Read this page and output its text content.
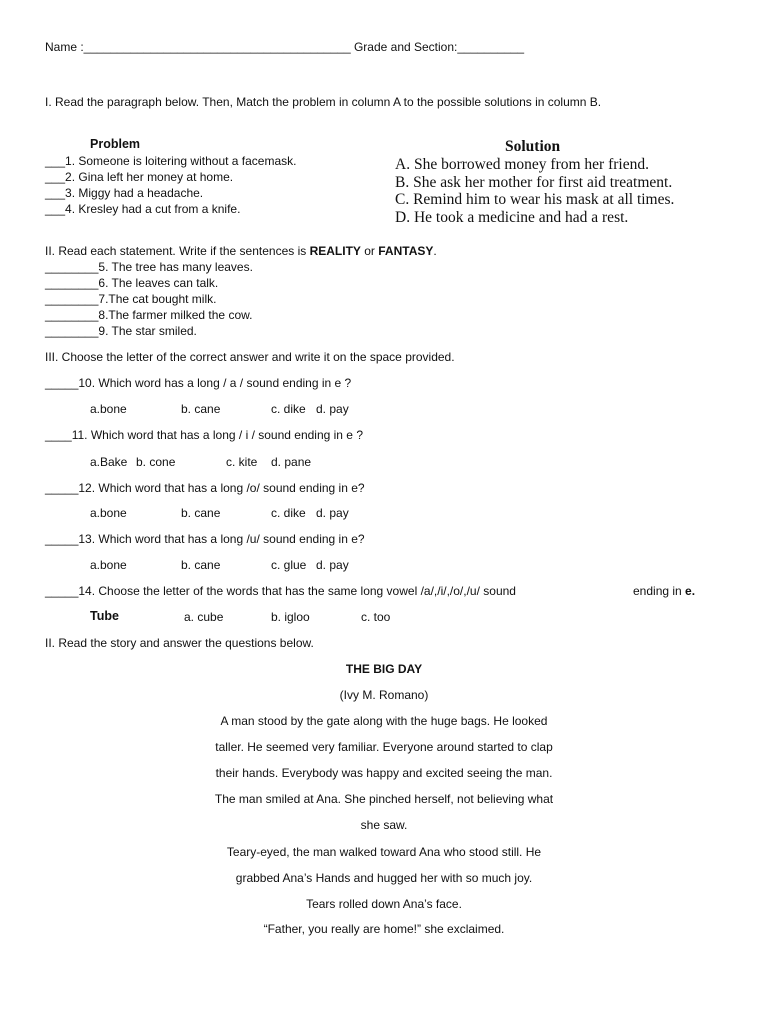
Name :________________________________________ Grade and Section:__________
I. Read the paragraph below. Then, Match the problem in column A to the possible solutions in column B.
Problem
___1. Someone is loitering without a facemask.
___2. Gina left her money at home.
___3. Miggy had a headache.
___4. Kresley had a cut from a knife.
Solution
A. She borrowed money from her friend.
B. She ask her mother for first aid treatment.
C. Remind him to wear his mask at all times.
D. He took a medicine and had a rest.
II. Read each statement. Write if the sentences is REALITY or FANTASY.
________5. The tree has many leaves.
________6. The leaves can talk.
________7.The cat bought milk.
________8.The farmer milked the cow.
________9. The star smiled.
III. Choose the letter of the correct answer and write it on the space provided.
_____10. Which word has a long / a / sound ending in e ?
a.bone	b. cane	c. dike d. pay
____11. Which word that has a long / i / sound ending in e ?
a.Bake b. cone	c. kite d. pane
_____12. Which word that has a long /o/ sound ending in e?
a.bone	b. cane	c. dike d. pay
_____13. Which word that has a long /u/ sound ending in e?
a.bone	b. cane	c. glue d. pay
_____14. Choose the letter of the words that has the same long vowel /a/,/i/,/o/,/u/ sound	ending in e.
Tube	a. cube	b. igloo	c. too
II. Read the story and answer the questions below.
THE BIG DAY
(Ivy M. Romano)
A man stood by the gate along with the huge bags. He looked
taller. He seemed very familiar. Everyone around started to clap
their hands. Everybody was happy and excited seeing the man.
The man smiled at Ana. She pinched herself, not believing what
she saw.
Teary-eyed, the man walked toward Ana who stood still. He
grabbed Ana’s Hands and hugged her with so much joy.
Tears rolled down Ana’s face.
“Father, you really are home!” she exclaimed.
